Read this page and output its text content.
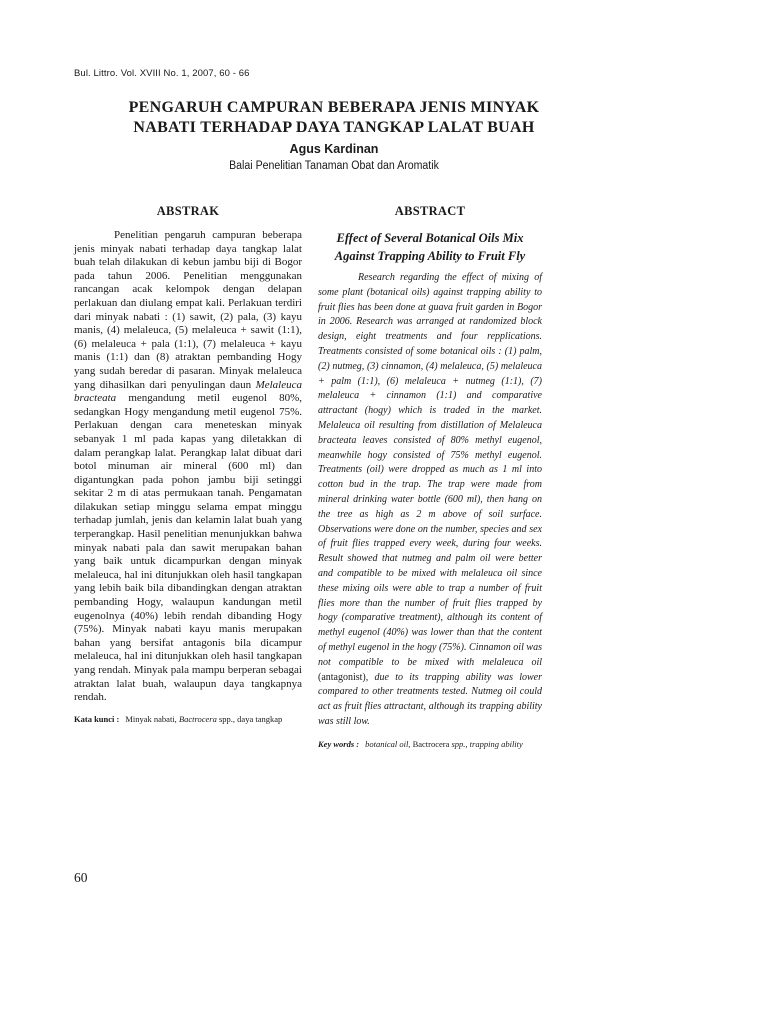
Bul. Littro. Vol. XVIII No. 1, 2007, 60 - 66
PENGARUH CAMPURAN BEBERAPA JENIS MINYAK
NABATI TERHADAP DAYA TANGKAP LALAT BUAH
Agus Kardinan
Balai Penelitian Tanaman Obat dan Aromatik
ABSTRAK

Penelitian pengaruh campuran beberapa jenis minyak nabati terhadap daya tangkap lalat buah telah dilakukan di kebun jambu biji di Bogor pada tahun 2006. Penelitian menggunakan rancangan acak kelompok dengan delapan perlakuan dan diulang empat kali. Perlakuan terdiri dari minyak nabati : (1) sawit, (2) pala, (3) kayu manis, (4) melaleuca, (5) melaleuca + sawit (1:1), (6) melaleuca + pala (1:1), (7) melaleuca + kayu manis (1:1) dan (8) atraktan pembanding Hogy yang sudah beredar di pasaran. Minyak melaleuca yang dihasilkan dari penyulingan daun Melaleuca bracteata mengandung metil eugenol 80%, sedangkan Hogy mengandung metil eugenol 75%. Perlakuan dengan cara meneteskan minyak sebanyak 1 ml pada kapas yang diletakkan di dalam perangkap lalat. Perangkap lalat dibuat dari botol minuman air mineral (600 ml) dan digantungkan pada pohon jambu biji setinggi sekitar 2 m di atas permukaan tanah. Pengamatan dilakukan setiap minggu selama empat minggu terhadap jumlah, jenis dan kelamin lalat buah yang terperangkap. Hasil penelitian menunjukkan bahwa minyak nabati pala dan sawit merupakan bahan yang baik untuk dicampurkan dengan minyak melaleuca, hal ini ditunjukkan oleh hasil tangkapan yang lebih baik bila dibandingkan dengan atraktan pembanding Hogy, walaupun kandungan metil eugenolnya (40%) lebih rendah dibanding Hogy (75%). Minyak nabati kayu manis merupakan bahan yang bersifat antagonis bila dicampur melaleuca, hal ini ditunjukkan oleh hasil tangkapan yang rendah. Minyak pala mampu berperan sebagai atraktan lalat buah, walaupun daya tangkapnya rendah.

Kata kunci : Minyak nabati, Bactrocera spp., daya tangkap
ABSTRACT
Effect of Several Botanical Oils Mix
Against Trapping Ability to Fruit Fly

Research regarding the effect of mixing of some plant (botanical oils) against trapping ability to fruit flies has been done at guava fruit garden in Bogor in 2006. Research was arranged at randomized block design, eight treatments and four repplications. Treatments consisted of some botanical oils : (1) palm, (2) nutmeg, (3) cinnamon, (4) melaleuca, (5) melaleuca + palm (1:1), (6) melaleuca + nutmeg (1:1), (7) melaleuca + cinnamon (1:1) and comparative attractant (hogy) which is traded in the market. Melaleuca oil resulting from distillation of Melaleuca bracteata leaves consisted of 80% methyl eugenol, meanwhile hogy consisted of 75% methyl eugenol. Treatments (oil) were dropped as much as 1 ml into cotton bud in the trap. The trap were made from mineral drinking water bottle (600 ml), then hang on the tree as high as 2 m above of soil surface. Observations were done on the number, species and sex of fruit flies trapped every week, during four weeks. Result showed that nutmeg and palm oil were better and compatible to be mixed with melaleuca oil since these mixing oils were able to trap a number of fruit flies more than the number of fruit flies trapped by hogy (comparative treatment), although its content of methyl eugenol (40%) was lower than that the content of methyl eugenol in the hogy (75%). Cinnamon oil was not compatible to be mixed with melaleuca oil (antagonist), due to its trapping ability was lower compared to other treatments tested. Nutmeg oil could act as fruit flies attractant, although its trapping ability was still low.

Key words : botanical oil, Bactrocera spp., trapping ability
60
